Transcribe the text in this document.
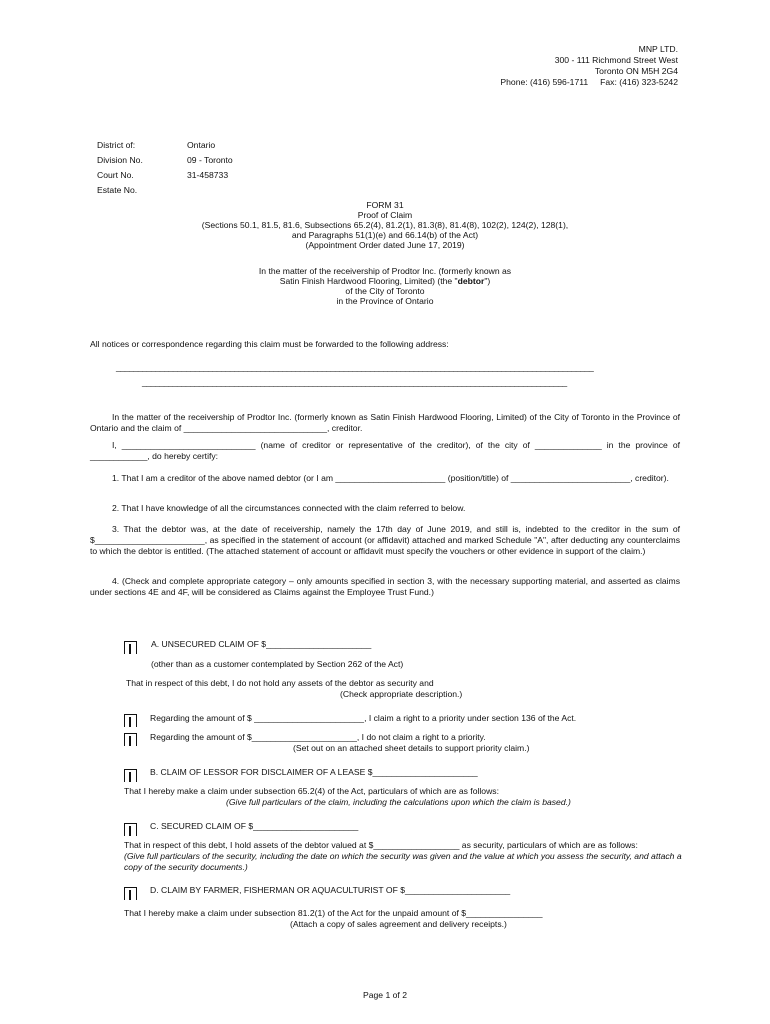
MNP LTD.
300 - 111 Richmond Street West
Toronto ON M5H 2G4
Phone: (416) 596-1711 Fax: (416) 323-5242
District of:
Division No.
Court No.
Estate No.
Ontario
09 - Toronto
31-458733
FORM 31
Proof of Claim
(Sections 50.1, 81.5, 81.6, Subsections 65.2(4), 81.2(1), 81.3(8), 81.4(8), 102(2), 124(2), 128(1),
and Paragraphs 51(1)(e) and 66.14(b) of the Act)
(Appointment Order dated June 17, 2019)
In the matter of the receivership of Prodtor Inc. (formerly known as
Satin Finish Hardwood Flooring, Limited) (the "debtor")
of the City of Toronto
in the Province of Ontario
All notices or correspondence regarding this claim must be forwarded to the following address:
_____________________________________________________________________________________________________________
_________________________________________________________________________________________________
In the matter of the receivership of Prodtor Inc. (formerly known as Satin Finish Hardwood Flooring, Limited) of the City of Toronto in the Province of Ontario and the claim of ______________________________, creditor.
I, ____________________________ (name of creditor or representative of the creditor), of the city of ______________ in the province of ____________, do hereby certify:
1. That I am a creditor of the above named debtor (or I am _______________________ (position/title) of _________________________, creditor).
2. That I have knowledge of all the circumstances connected with the claim referred to below.
3. That the debtor was, at the date of receivership, namely the 17th day of June 2019, and still is, indebted to the creditor in the sum of $_______________________, as specified in the statement of account (or affidavit) attached and marked Schedule "A", after deducting any counterclaims to which the debtor is entitled. (The attached statement of account or affidavit must specify the vouchers or other evidence in support of the claim.)
4. (Check and complete appropriate category – only amounts specified in section 3, with the necessary supporting material, and asserted as claims under sections 4E and 4F, will be considered as Claims against the Employee Trust Fund.)
A. UNSECURED CLAIM OF $______________________
(other than as a customer contemplated by Section 262 of the Act)
That in respect of this debt, I do not hold any assets of the debtor as security and
(Check appropriate description.)
Regarding the amount of $ _______________________, I claim a right to a priority under section 136 of the Act.
Regarding the amount of $______________________, I do not claim a right to a priority.
(Set out on an attached sheet details to support priority claim.)
B. CLAIM OF LESSOR FOR DISCLAIMER OF A LEASE $______________________
That I hereby make a claim under subsection 65.2(4) of the Act, particulars of which are as follows:
(Give full particulars of the claim, including the calculations upon which the claim is based.)
C. SECURED CLAIM OF $______________________
That in respect of this debt, I hold assets of the debtor valued at $__________________ as security, particulars of which are as follows:
(Give full particulars of the security, including the date on which the security was given and the value at which you assess the security, and attach a copy of the security documents.)
D. CLAIM BY FARMER, FISHERMAN OR AQUACULTURIST OF $______________________
That I hereby make a claim under subsection 81.2(1) of the Act for the unpaid amount of $________________
(Attach a copy of sales agreement and delivery receipts.)
Page 1 of 2
